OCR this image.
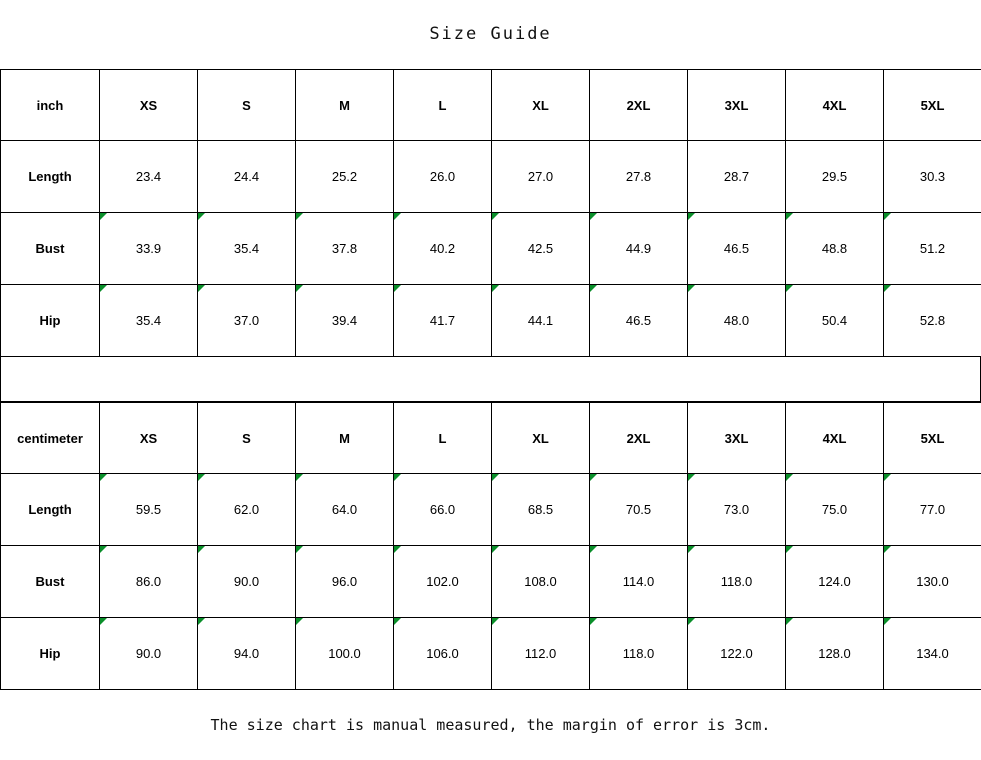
Size Guide
inch	XS	S	M	L	XL	2XL	3XL	4XL	5XL
Length	23.4	24.4	25.2	26.0	27.0	27.8	28.7	29.5	30.3
Bust	33.9	35.4	37.8	40.2	42.5	44.9	46.5	48.8	51.2
Hip	35.4	37.0	39.4	41.7	44.1	46.5	48.0	50.4	52.8
centimeter	XS	S	M	L	XL	2XL	3XL	4XL	5XL
Length	59.5	62.0	64.0	66.0	68.5	70.5	73.0	75.0	77.0
Bust	86.0	90.0	96.0	102.0	108.0	114.0	118.0	124.0	130.0
Hip	90.0	94.0	100.0	106.0	112.0	118.0	122.0	128.0	134.0
The size chart is manual measured, the margin of error is 3cm.
